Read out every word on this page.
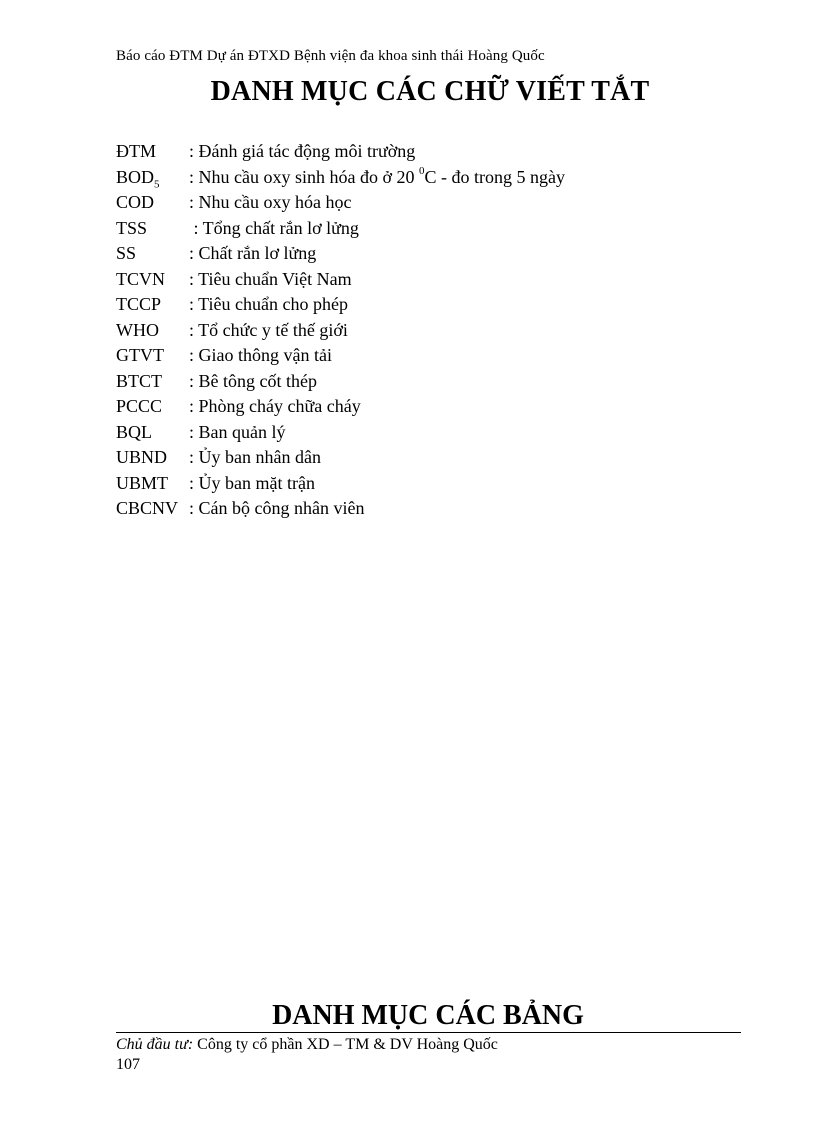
Báo cáo ĐTM Dự án ĐTXD Bệnh viện đa khoa sinh thái Hoàng Quốc
DANH MỤC CÁC CHỮ VIẾT TẮT
ĐTM	: Đánh giá tác động môi trường
$BOD_5$	: Nhu cầu oxy sinh hóa đo ở 20 $^0$C - đo trong 5 ngày
COD	: Nhu cầu oxy hóa học
TSS	: Tổng chất rắn lơ lửng
SS	: Chất rắn lơ lửng
TCVN	: Tiêu chuẩn Việt Nam
TCCP	: Tiêu chuẩn cho phép
WHO	: Tổ chức y tế thế giới
GTVT	: Giao thông vận tải
BTCT	: Bê tông cốt thép
PCCC	: Phòng cháy chữa cháy
BQL	: Ban quản lý
UBND	: Ủy ban nhân dân
UBMT	: Ủy ban mặt trận
CBCNV : Cán bộ công nhân viên
DANH MỤC CÁC BẢNG
Chủ đầu tư: Công ty cổ phần XD – TM & DV Hoàng Quốc
107
